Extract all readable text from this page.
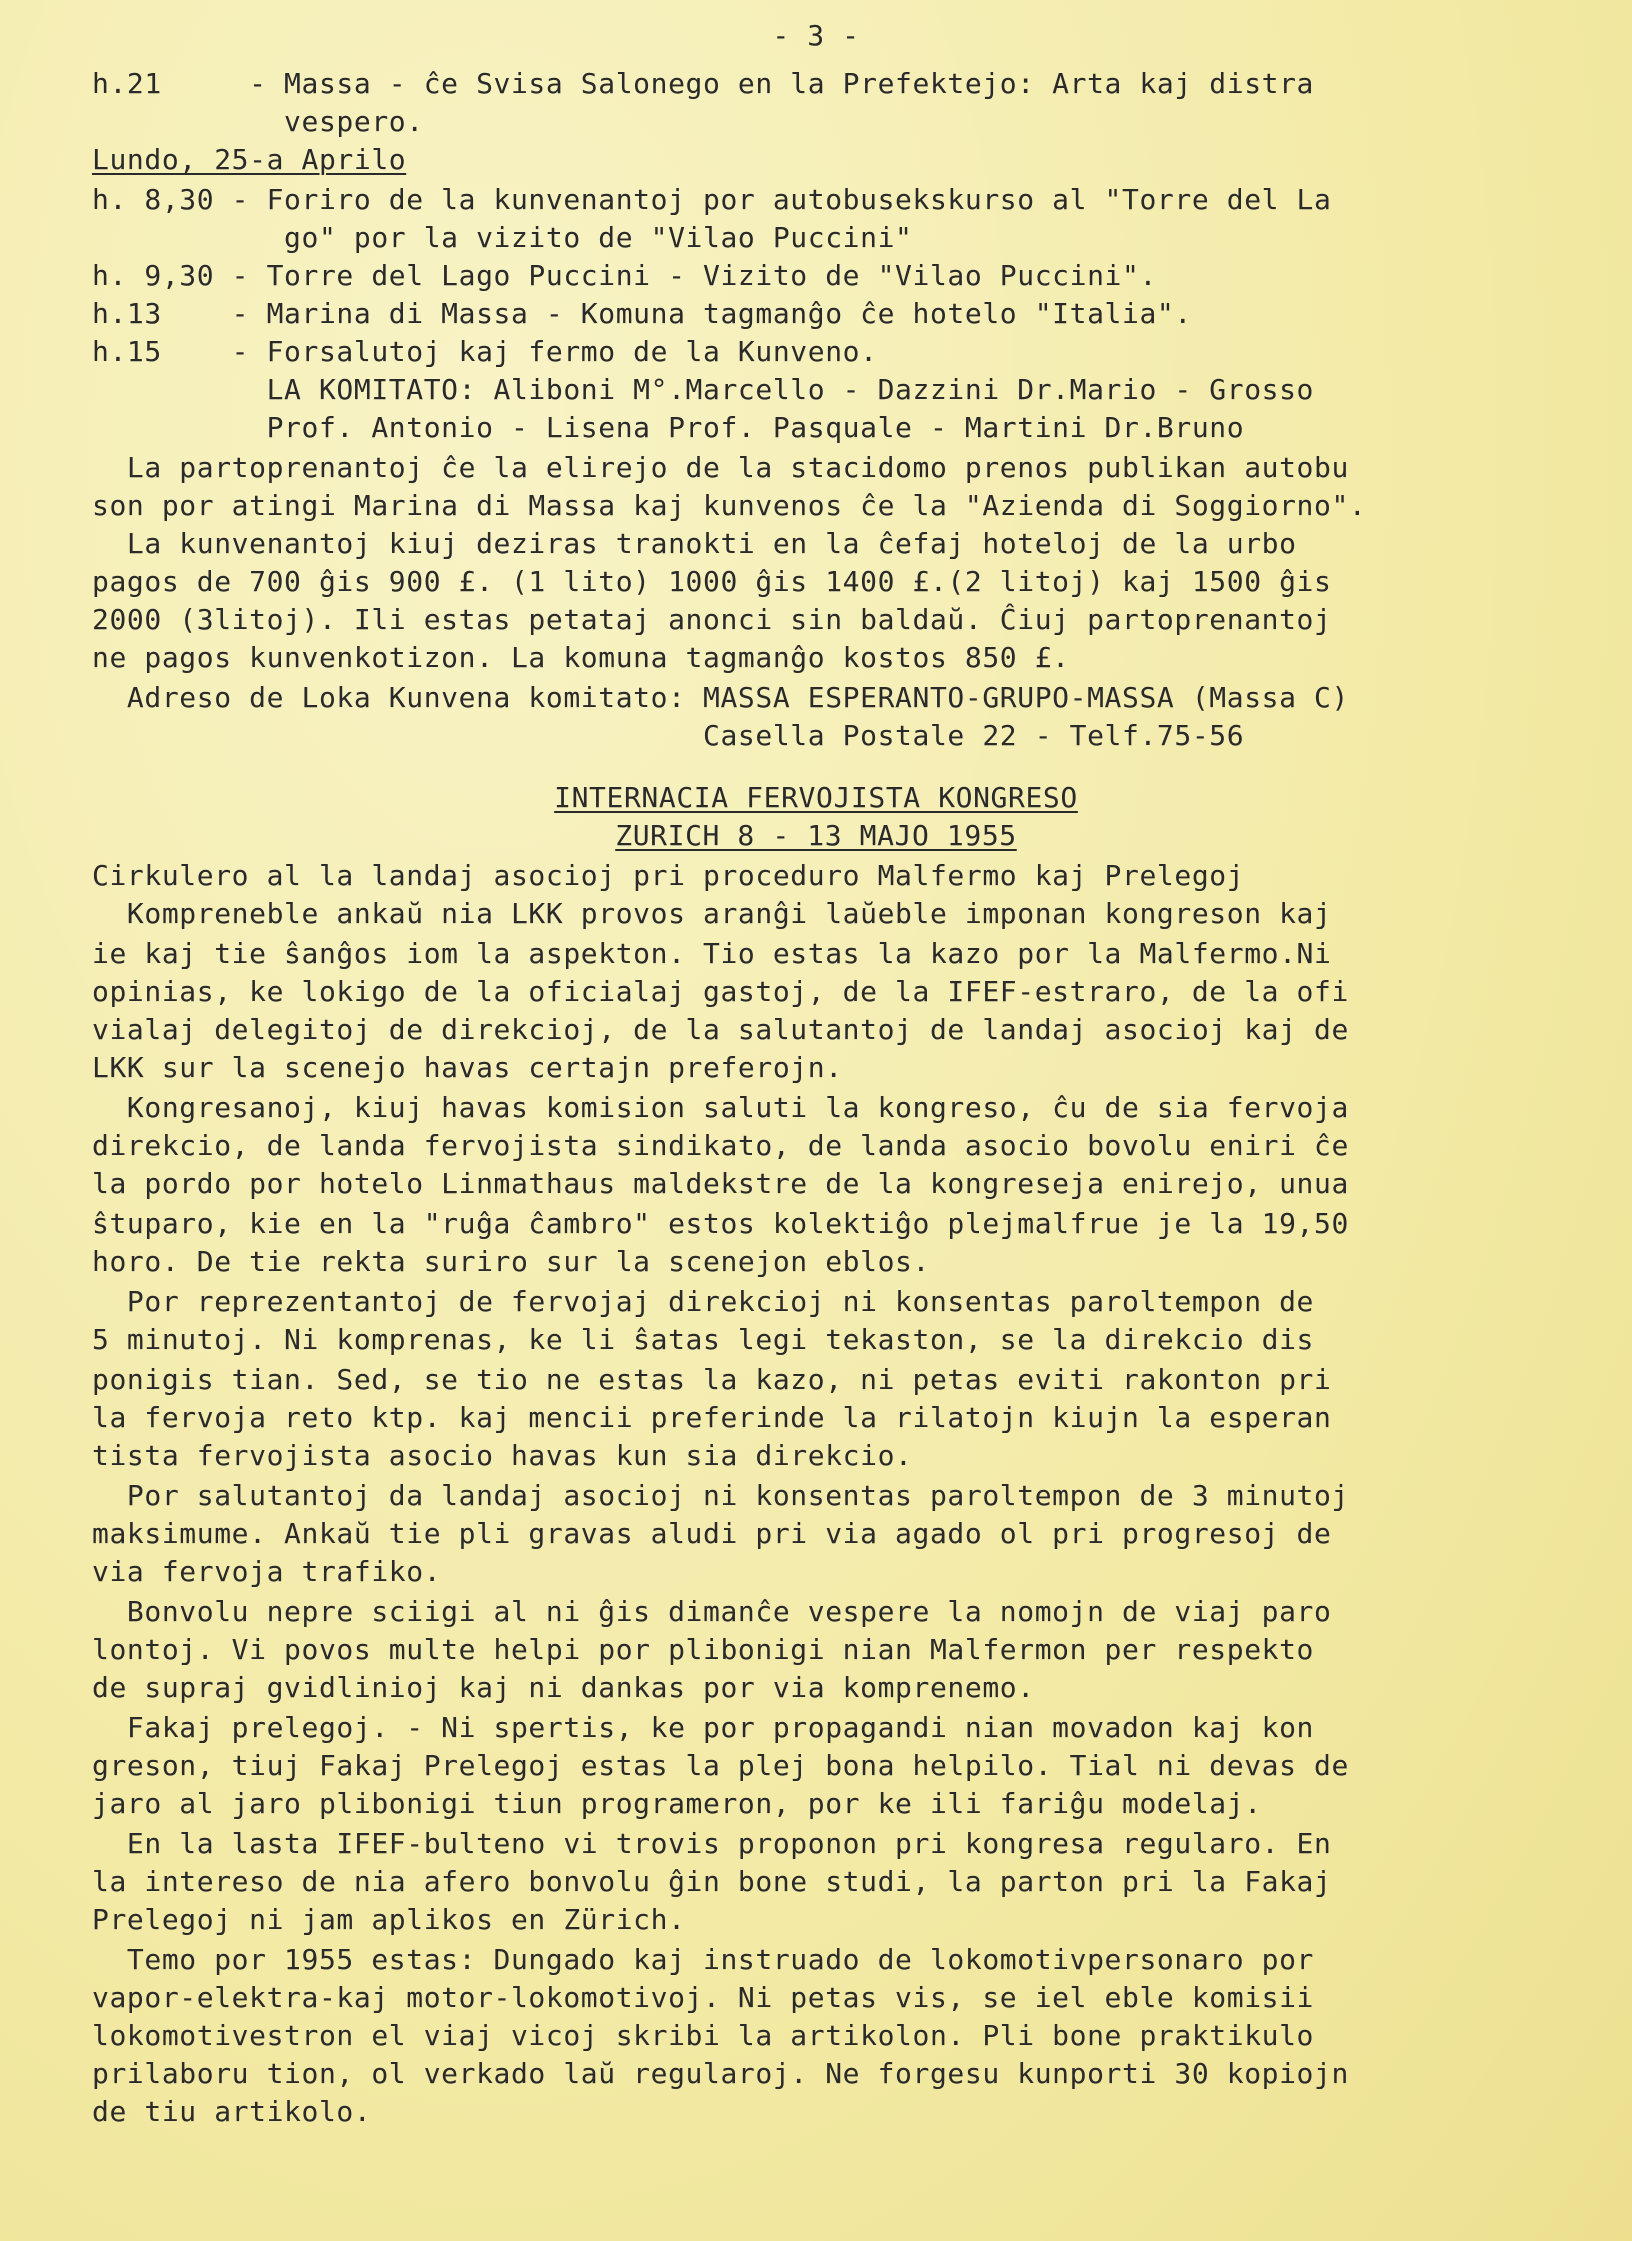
- 3 -
h.21     - Massa - ĉe Svisa Salonego en la Prefektejo: Arta kaj distra
vespero.
Lundo, 25-a Aprilo
h. 8,30 - Foriro de la kunvenantoj por autobusekskurso al "Torre del La
go" por la vizito de "Vilao Puccini"
h. 9,30 - Torre del Lago Puccini - Vizito de "Vilao Puccini".
h.13    - Marina di Massa - Komuna tagmanĝo ĉe hotelo "Italia".
h.15    - Forsalutoj kaj fermo de la Kunveno.
LA KOMITATO: Aliboni M°.Marcello - Dazzini Dr.Mario - Grosso
Prof. Antonio - Lisena Prof. Pasquale - Martini Dr.Bruno
La partoprenantoj ĉe la elirejo de la stacidomo prenos publikan autobu
son por atingi Marina di Massa kaj kunvenos ĉe la "Azienda di Soggiorno".
La kunvenantoj kiuj deziras tranokti en la ĉefaj hoteloj de la urbo
pagos de 700 ĝis 900 £. (1 lito) 1000 ĝis 1400 £.(2 litoj) kaj 1500 ĝis
2000 (3litoj). Ili estas petataj anonci sin baldaŭ. Ĉiuj partoprenantoj
ne pagos kunvenkotizon. La komuna tagmanĝo kostos 850 £.
Adreso de Loka Kunvena komitato: MASSA ESPERANTO-GRUPO-MASSA (Massa C)
Casella Postale 22 - Telf.75-56
INTERNACIA FERVOJISTA KONGRESO
ZURICH 8 - 13 MAJO 1955
Cirkulero al la landaj asocioj pri proceduro Malfermo kaj Prelegoj
Kompreneble ankaŭ nia LKK provos aranĝi laŭeble imponan kongreson kaj
ie kaj tie ŝanĝos iom la aspekton. Tio estas la kazo por la Malfermo.Ni
opinias, ke lokigo de la oficialaj gastoj, de la IFEF-estraro, de la ofi
vialaj delegitoj de direkcioj, de la salutantoj de landaj asocioj kaj de
LKK sur la scenejo havas certajn preferojn.
Kongresanoj, kiuj havas komision saluti la kongreso, ĉu de sia fervoja
direkcio, de landa fervojista sindikato, de landa asocio bovolu eniri ĉe
la pordo por hotelo Linmathaus maldekstre de la kongreseja enirejo, unua
ŝtuparo, kie en la "ruĝa ĉambro" estos kolektiĝo plejmalfrue je la 19,50
horo. De tie rekta suriro sur la scenejon eblos.
Por reprezentantoj de fervojaj direkcioj ni konsentas paroltempon de
5 minutoj. Ni komprenas, ke li ŝatas legi tekaston, se la direkcio dis
ponigis tian. Sed, se tio ne estas la kazo, ni petas eviti rakonton pri
la fervoja reto ktp. kaj mencii preferinde la rilatojn kiujn la esperan
tista fervojista asocio havas kun sia direkcio.
Por salutantoj da landaj asocioj ni konsentas paroltempon de 3 minutoj
maksimume. Ankaŭ tie pli gravas aludi pri via agado ol pri progresoj de
via fervoja trafiko.
Bonvolu nepre sciigi al ni ĝis dimanĉe vespere la nomojn de viaj paro
lontoj. Vi povos multe helpi por plibonigi nian Malfermon per respekto
de supraj gvidlinioj kaj ni dankas por via komprenemo.
Fakaj prelegoj. - Ni spertis, ke por propagandi nian movadon kaj kon
greson, tiuj Fakaj Prelegoj estas la plej bona helpilo. Tial ni devas de
jaro al jaro plibonigi tiun programeron, por ke ili fariĝu modelaj.
En la lasta IFEF-bulteno vi trovis proponon pri kongresa regularo. En
la intereso de nia afero bonvolu ĝin bone studi, la parton pri la Fakaj
Prelegoj ni jam aplikos en Zürich.
Temo por 1955 estas: Dungado kaj instruado de lokomotivpersonaro por
vapor-elektra-kaj motor-lokomotivoj. Ni petas vis, se iel eble komisii
lokomotivestron el viaj vicoj skribi la artikolon. Pli bone praktikulo
prilaboru tion, ol verkado laŭ regularoj. Ne forgesu kunporti 30 kopiojn
de tiu artikolo.
